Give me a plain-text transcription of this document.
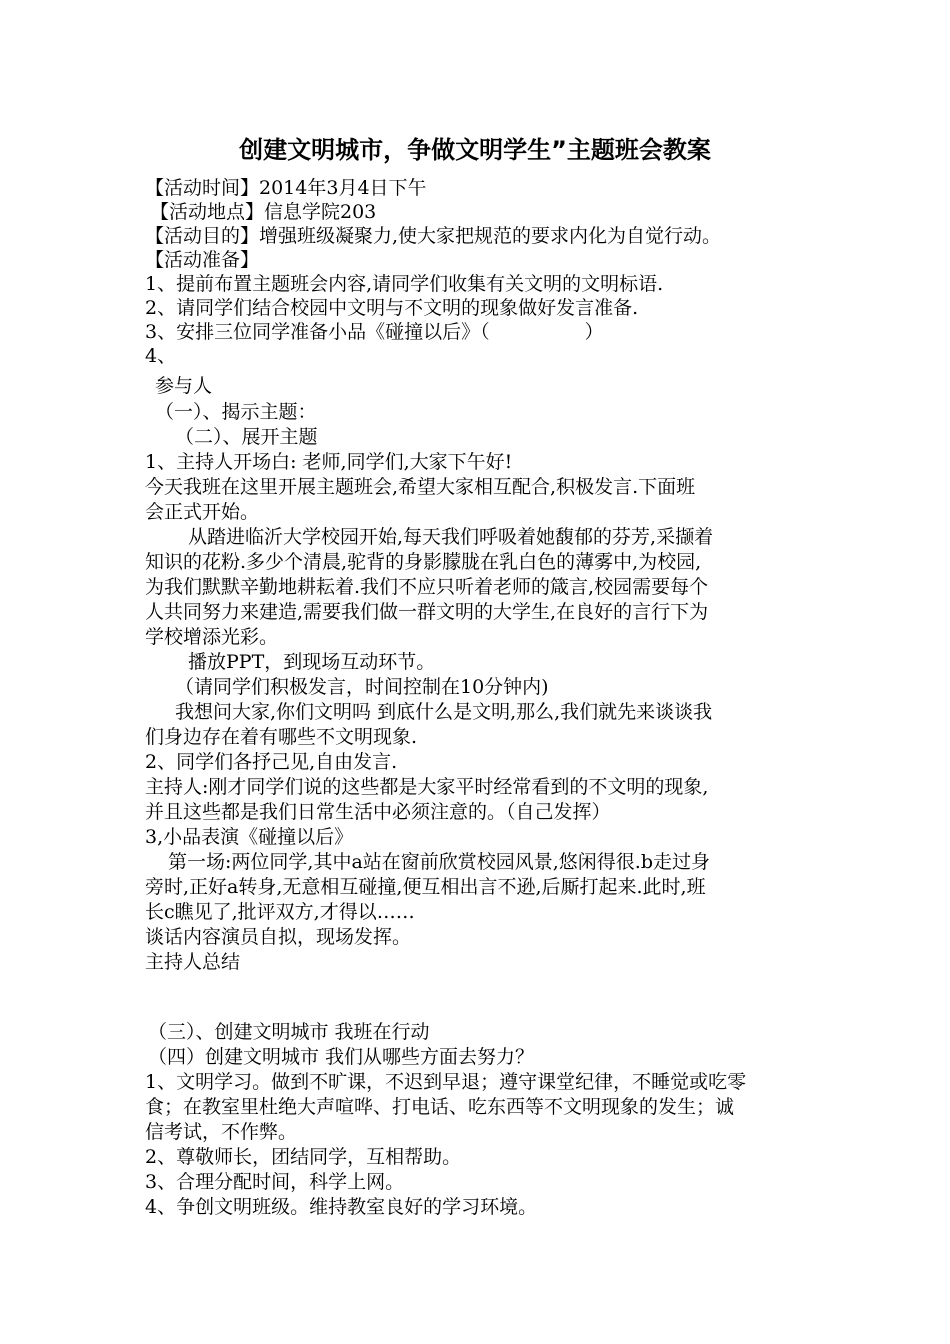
创建文明城市，争做文明学生”主题班会教案
【活动时间】2014年3月4日下午
【活动地点】信息学院203
【活动目的】增强班级凝聚力,使大家把规范的要求内化为自觉行动。
【活动准备】
1、提前布置主题班会内容,请同学们收集有关文明的文明标语.
2、请同学们结合校园中文明与不文明的现象做好发言准备.
3、安排三位同学准备小品《碰撞以后》（　　　　　）
4、
参与人
（一）、揭示主题：
（二）、展开主题
1、主持人开场白: 老师,同学们,大家下午好!
今天我班在这里开展主题班会,希望大家相互配合,积极发言.下面班
会正式开始。
从踏进临沂大学校园开始,每天我们呼吸着她馥郁的芬芳,采撷着
知识的花粉.多少个清晨,驼背的身影朦胧在乳白色的薄雾中,为校园,
为我们默默辛勤地耕耘着.我们不应只听着老师的箴言,校园需要每个
人共同努力来建造,需要我们做一群文明的大学生,在良好的言行下为
学校增添光彩。
播放PPT，到现场互动环节。
（请同学们积极发言，时间控制在10分钟内)
我想问大家,你们文明吗 到底什么是文明,那么,我们就先来谈谈我
们身边存在着有哪些不文明现象.
2、同学们各抒己见,自由发言.
主持人:刚才同学们说的这些都是大家平时经常看到的不文明的现象,
并且这些都是我们日常生活中必须注意的。（自己发挥）
3,小品表演《碰撞以后》
第一场:两位同学,其中a站在窗前欣赏校园风景,悠闲得很.b走过身
旁时,正好a转身,无意相互碰撞,便互相出言不逊,后厮打起来.此时,班
长c瞧见了,批评双方,才得以……
谈话内容演员自拟，现场发挥。
主持人总结
（三）、创建文明城市 我班在行动
（四）创建文明城市 我们从哪些方面去努力？
1、文明学习。做到不旷课，不迟到早退；遵守课堂纪律，不睡觉或吃零
食；在教室里杜绝大声喧哗、打电话、吃东西等不文明现象的发生；诚
信考试，不作弊。
2、尊敬师长，团结同学，互相帮助。
3、合理分配时间，科学上网。
4、争创文明班级。维持教室良好的学习环境。
